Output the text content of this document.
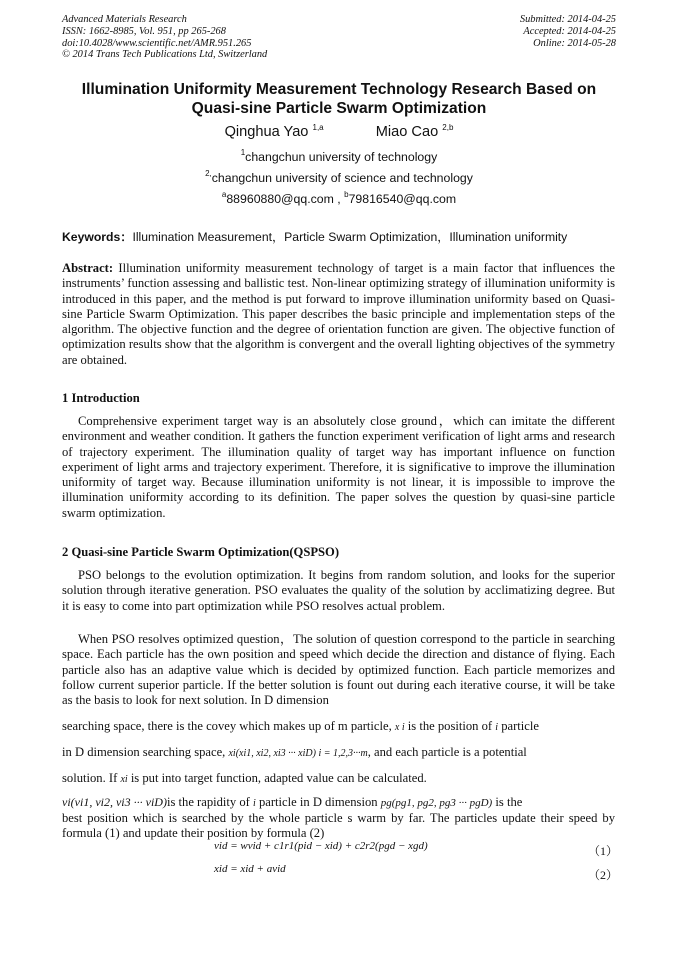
Advanced Materials Research
ISSN: 1662-8985, Vol. 951, pp 265-268
doi:10.4028/www.scientific.net/AMR.951.265
© 2014 Trans Tech Publications Ltd, Switzerland
Submitted: 2014-04-25
Accepted: 2014-04-25
Online: 2014-05-28
Illumination Uniformity Measurement Technology Research Based on
Quasi-sine Particle Swarm Optimization
Qinghua Yao $^{1,a}$	Miao Cao $^{2,b}$
$^1$changchun university of technology
$^{2,}$changchun university of science and technology
$^a$88960880@qq.com , $^b$79816540@qq.com
Keywords：Illumination Measurement，Particle Swarm Optimization，Illumination uniformity
Abstract: Illumination uniformity measurement technology of target is a main factor that influences the instruments’ function assessing and ballistic test. Non-linear optimizing strategy of illumination uniformity is introduced in this paper, and the method is put forward to improve illumination uniformity based on Quasi-sine Particle Swarm Optimization. This paper describes the basic principle and implementation steps of the algorithm. The objective function and the degree of orientation function are given. The objective function of optimization results show that the algorithm is convergent and the overall lighting objectives of the symmetry are obtained.
1 Introduction
Comprehensive experiment target way is an absolutely close ground，which can imitate the different environment and weather condition. It gathers the function experiment verification of light arms and research of trajectory experiment. The illumination quality of target way has important influence on function experiment of light arms and trajectory experiment. Therefore, it is significative to improve the illumination uniformity of target way. Because illumination uniformity is not linear, it is impossible to improve the illumination uniformity according to its definition. The paper solves the question by quasi-sine particle swarm optimization.
2 Quasi-sine Particle Swarm Optimization(QSPSO)
PSO belongs to the evolution optimization. It begins from random solution, and looks for the superior solution through iterative generation. PSO evaluates the quality of the solution by acclimatizing degree. But it is easy to come into part optimization while PSO resolves actual problem.
When PSO resolves optimized question，The solution of question correspond to the particle in searching space. Each particle has the own position and speed which decide the direction and distance of flying. Each particle also has an adaptive value which is decided by optimized function. Each particle memorizes and follow current superior particle. If the better solution is fount out during each iterative course, it will be take as the basis to look for next solution. In D dimension
searching space, there is the covey which makes up of m particle, x i is the position of i particle
in D dimension searching space, xi(xi1, xi2, xi3 ··· xiD) i = 1,2,3···m, and each particle is a potential
solution. If xi is put into target function, adapted value can be calculated.
vi(vi1, vi2, vi3 ··· viD)is the rapidity of i particle in D dimension pg(pg1, pg2, pg3 ··· pgD) is the
best position which is searched by the whole particle s warm by far. The particles update their speed by formula (1) and update their position by formula (2)
vid = wvid + c1r1(pid − xid) + c2r2(pgd − xgd)	（1）
xid = xid + avid	（2）
